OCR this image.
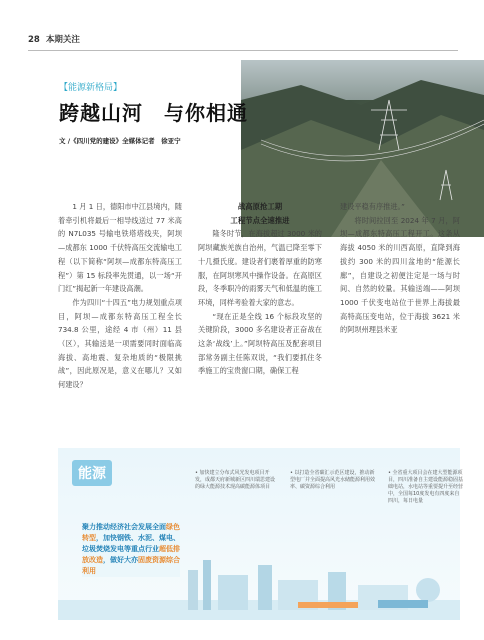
28 本期关注
【能源新格局】
跨越山河　与你相通
文 /《四川党的建设》全媒体记者　徐亚宁

1 月 1 日，德阳市中江县境内，随着牵引机将最后一相导线送过 77 米高的 N7L035 号输电铁塔塔线夹，阿坝—成都东 1000 千伏特高压交流输电工程（以下简称“阿坝—成都东特高压工程”）第 15 标段率先贯通，以一场“开门红”揭起新一年建设高潮。

作为四川“十四五”电力规划重点项目，阿坝—成都东特高压工程全长 734.8 公里，途经 4 市（州）11 县（区），其输送是一项需要同时面临高海拔、高地震、复杂地质的“极限挑战”，因此原况是，意义在哪儿？又如何建设？

战高原抢工期

工程节点全速推进

隆冬时节，在海拔超过 3000 米的阿坝藏族羌族自治州，气温已降至零下十几摄氏度。建设者们裹着厚重的防寒服，在阿坝寒风中操作设备。在高原区段，冬季职冷的雨雾天气和低温的施工环境，同样考验着大家的意志。

“现在正是全线 16 个标段攻坚的关键阶段，3000 多名建设者正奋战在这条‘战线’上。”阿坝特高压及配套项目部常务副主任陈双说，“我们要抓住冬季施工的宝贵窗口期，确保工程

建设平稳有序推进。”

将时间拉回至 2024 年 7 月，阿坝—成都东特高压工程开工。这条从海拔 4050 米的川西高原，直降到海拔约 300 米的四川盆地的“能源长廊”，自建设之初便注定是一场与时间、自然的较量。其输送端——阿坝 1000 千伏变电站位于世界上海拔最高特高压变电站，位于海拔 3621 米的阿坝州理县米亚

能源	• 加快建立分布式风光发电项目开发，成都天府新城新区四川瑞思建设的绿大能源技术现高碳能源体项目
• 以打造全省碳汇示范区建设，推动新型电厂并全面提高风光水储能源利用效率、碳资源综合利用
• 全省重大项目会在建大型能源项目，四川准备自主建设能源稳固基础电站，水电站等重要提升至经营中，全国每10度发电有四度来自四川，每日电量
聚力推动经济社会发展全面绿色转型，加快钢铁、水泥、煤电、垃圾焚烧发电等重点行业超低排放改造，做好大亦固废资源综合利用
